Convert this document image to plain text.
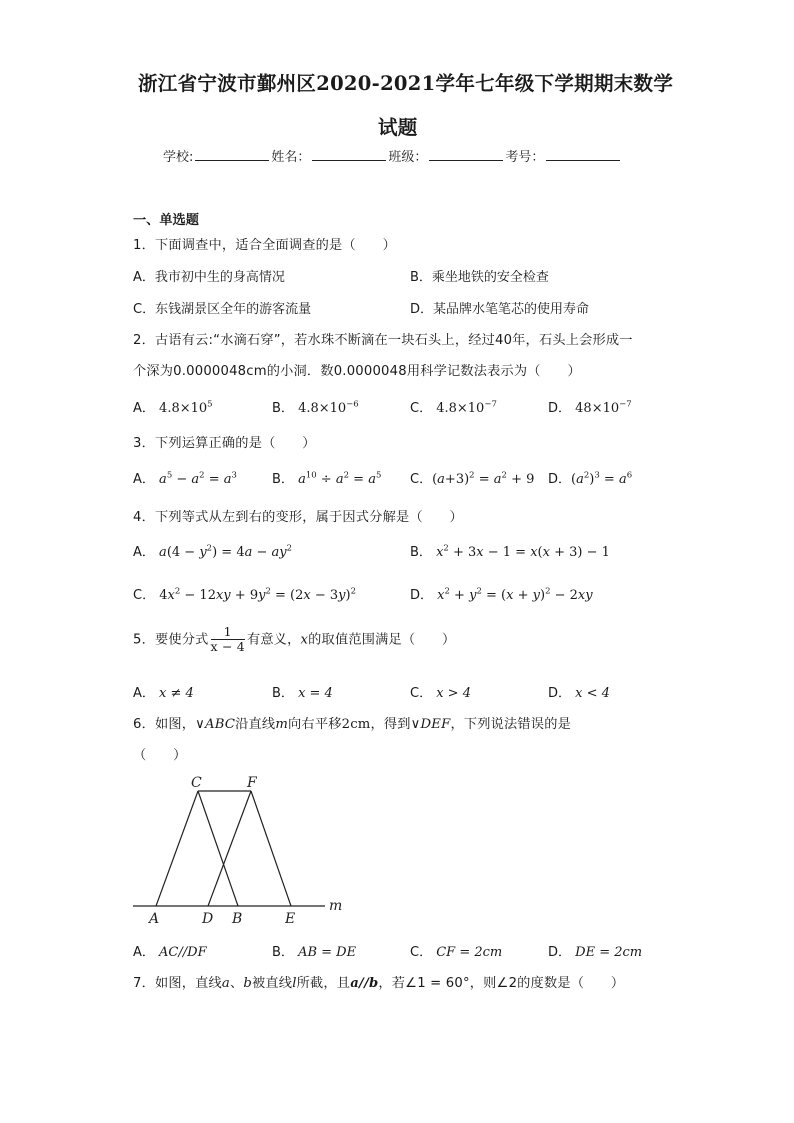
浙江省宁波市鄞州区2020-2021学年七年级下学期期末数学
试题
学校:	姓名：	班级：	考号：
一、单选题
1．下面调查中，适合全面调查的是（　　）
A．我市初中生的身高情况	B．乘坐地铁的安全检查
C．东钱湖景区全年的游客流量	D．某品牌水笔笔芯的使用寿命
2．古语有云:“水滴石穿”，若水珠不断滴在一块石头上，经过40年，石头上会形成一
个深为0.0000048cm的小洞．数0.0000048用科学记数法表示为（　　）
A． $4.8\times 10^5$	B． $4.8\times 10^{-6}$	C． $4.8\times 10^{-7}$	D． $48\times 10^{-7}$
3．下列运算正确的是（　　）
A． $a^5 - a^2 = a^3$	B． $a^{10} \div a^2 = a^5$ C．$(a+3)^2 = a^2 + 9$ D．$(a^2)^3 = a^6$
4．下列等式从左到右的变形，属于因式分解是（　　）
A． $a(4 - y^2) = 4a - ay^2$	B． $x^2 + 3x - 1 = x(x + 3) - 1$
C． $4x^2 - 12xy + 9y^2 = (2x - 3y)^2$	D． $x^2 + y^2 = (x + y)^2 - 2xy$
5．要使分式 $\frac{1}{x - 4}$ 有意义，x的取值范围满足（　　）
A． x ≠ 4	B． x = 4	C． x > 4	D． x < 4
6．如图，∨ABC沿直线m向右平移2cm，得到∨DEF，下列说法错误的是
（　　）
C	F
A	D B	E
m
A． AC//DF	B． AB = DE	C． CF = 2cm	D． DE = 2cm
7．如图，直线a、b被直线l所截，且a//b，若∠1 = 60°，则∠2的度数是（　　）
